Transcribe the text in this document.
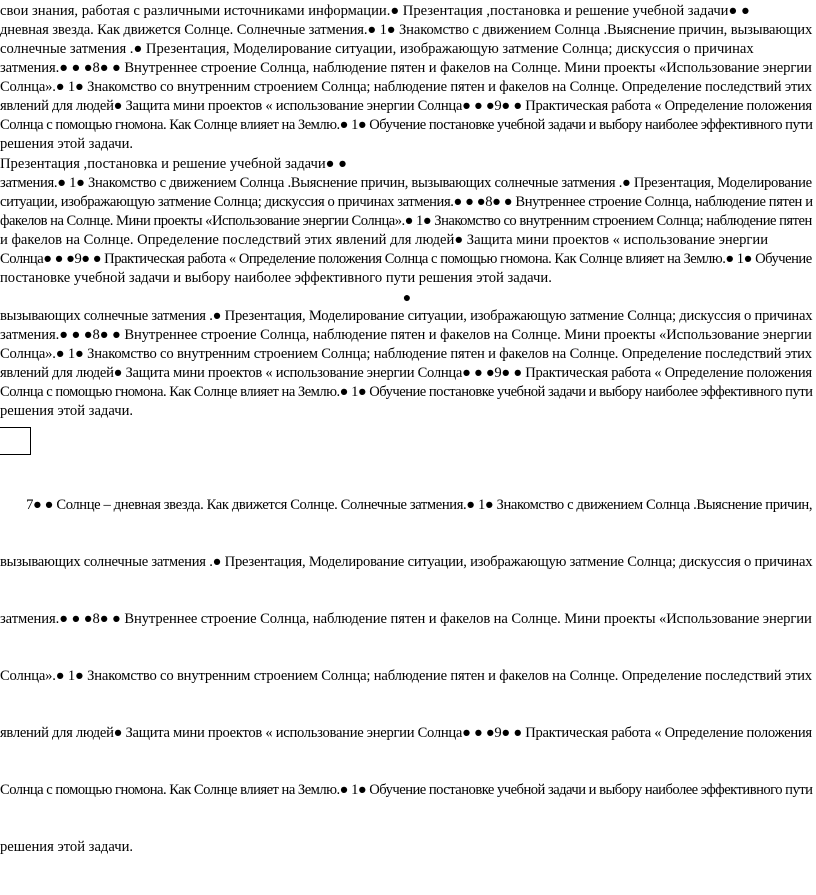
свои знания, работая с различными источниками информации.● Презентация ,постановка и решение учебной задачи● ●
дневная звезда. Как движется Солнце. Солнечные затмения.● 1● Знакомство с движением Солнца .Выяснение причин, вызывающих
солнечные затмения .● Презентация, Моделирование ситуации, изображающую затмение Солнца; дискуссия о причинах
затмения.● ● ●8● ● Внутреннее строение Солнца, наблюдение пятен и факелов на Солнце. Мини проекты «Использование энергии
Солнца».● 1● Знакомство со внутренним строением Солнца; наблюдение пятен и факелов на Солнце. Определение последствий этих
явлений для людей● Защита мини проектов « использование энергии Солнца● ● ●9● ● Практическая работа « Определение положения
Солнца с помощью гномона. Как Солнце влияет на Землю.● 1● Обучение постановке учебной задачи и выбору наиболее эффективного пути
решения этой задачи.

Презентация ,постановка и решение учебной задачи● ●
затмения.● 1● Знакомство с движением Солнца .Выяснение причин, вызывающих солнечные затмения .● Презентация, Моделирование
ситуации, изображающую затмение Солнца; дискуссия о причинах затмения.● ● ●8● ● Внутреннее строение Солнца, наблюдение пятен и
факелов на Солнце. Мини проекты «Использование энергии Солнца».● 1● Знакомство со внутренним строением Солнца; наблюдение пятен
и факелов на Солнце. Определение последствий этих явлений для людей● Защита мини проектов « использование энергии
Солнца● ● ●9● ● Практическая работа « Определение положения Солнца с помощью гномона. Как Солнце влияет на Землю.● 1● Обучение
постановке учебной задачи и выбору наиболее эффективного пути решения этой задачи.

●

вызывающих солнечные затмения .● Презентация, Моделирование ситуации, изображающую затмение Солнца; дискуссия о причинах
затмения.● ● ●8● ● Внутреннее строение Солнца, наблюдение пятен и факелов на Солнце. Мини проекты «Использование энергии
Солнца».● 1● Знакомство со внутренним строением Солнца; наблюдение пятен и факелов на Солнце. Определение последствий этих
явлений для людей● Защита мини проектов « использование энергии Солнца● ● ●9● ● Практическая работа « Определение положения
Солнца с помощью гномона. Как Солнце влияет на Землю.● 1● Обучение постановке учебной задачи и выбору наиболее эффективного пути
решения этой задачи.

7● ● Солнце – дневная звезда. Как движется Солнце. Солнечные затмения.● 1● Знакомство с движением Солнца .Выяснение причин,

вызывающих солнечные затмения .● Презентация, Моделирование ситуации, изображающую затмение Солнца; дискуссия о причинах

затмения.● ● ●8● ● Внутреннее строение Солнца, наблюдение пятен и факелов на Солнце. Мини проекты «Использование энергии

Солнца».● 1● Знакомство со внутренним строением Солнца; наблюдение пятен и факелов на Солнце. Определение последствий этих

явлений для людей● Защита мини проектов « использование энергии Солнца● ● ●9● ● Практическая работа « Определение положения

Солнца с помощью гномона. Как Солнце влияет на Землю.● 1● Обучение постановке учебной задачи и выбору наиболее эффективного пути

решения этой задачи.
